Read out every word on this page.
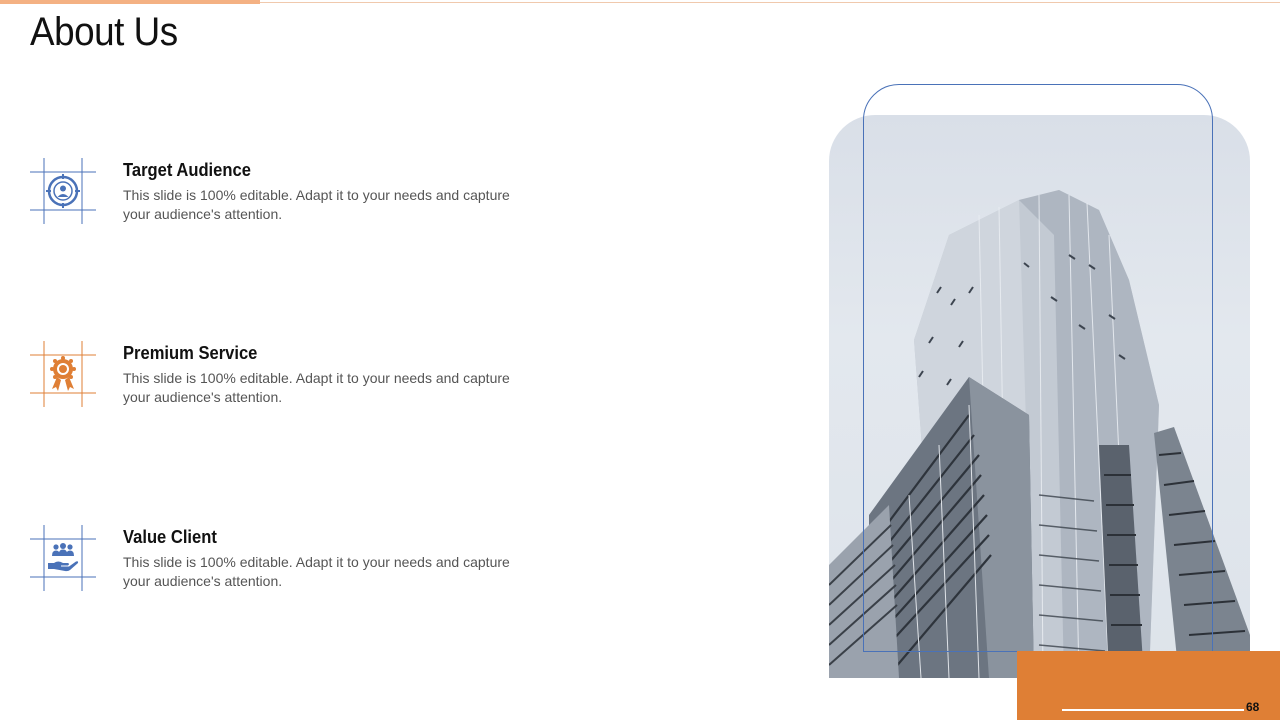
About Us
Target Audience
This slide is 100% editable. Adapt it to your needs and capture your audience's attention.
Premium Service
This slide is 100% editable. Adapt it to your needs and capture your audience's attention.
Value Client
This slide is 100% editable. Adapt it to your needs and capture your audience's attention.
68
